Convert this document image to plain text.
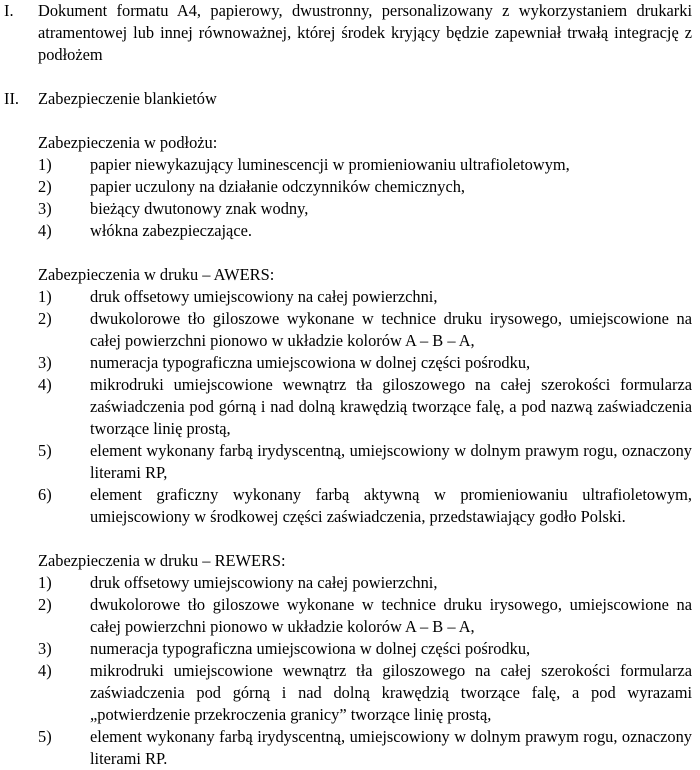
I. Dokument formatu A4, papierowy, dwustronny, personalizowany z wykorzystaniem drukarki atramentowej lub innej równoważnej, której środek kryjący będzie zapewniał trwałą integrację z podłożem
II. Zabezpieczenie blankietów
Zabezpieczenia w podłożu:
1) papier niewykazujący luminescencji w promieniowaniu ultrafioletowym,
2) papier uczulony na działanie odczynników chemicznych,
3) bieżący dwutonowy znak wodny,
4) włókna zabezpieczające.
Zabezpieczenia w druku – AWERS:
1) druk offsetowy umiejscowiony na całej powierzchni,
2) dwukolorowe tło giloszowe wykonane w technice druku irysowego, umiejscowione na całej powierzchni pionowo w układzie kolorów A – B – A,
3) numeracja typograficzna umiejscowiona w dolnej części pośrodku,
4) mikrodruki umiejscowione wewnątrz tła giloszowego na całej szerokości formularza zaświadczenia pod górną i nad dolną krawędzią tworzące falę, a pod nazwą zaświadczenia tworzące linię prostą,
5) element wykonany farbą irydyscentną, umiejscowiony w dolnym prawym rogu, oznaczony literami RP,
6) element graficzny wykonany farbą aktywną w promieniowaniu ultrafioletowym, umiejscowiony w środkowej części zaświadczenia, przedstawiający godło Polski.
Zabezpieczenia w druku – REWERS:
1) druk offsetowy umiejscowiony na całej powierzchni,
2) dwukolorowe tło giloszowe wykonane w technice druku irysowego, umiejscowione na całej powierzchni pionowo w układzie kolorów A – B – A,
3) numeracja typograficzna umiejscowiona w dolnej części pośrodku,
4) mikrodruki umiejscowione wewnątrz tła giloszowego na całej szerokości formularza zaświadczenia pod górną i nad dolną krawędzią tworzące falę, a pod wyrazami „potwierdzenie przekroczenia granicy” tworzące linię prostą,
5) element wykonany farbą irydyscentną, umiejscowiony w dolnym prawym rogu, oznaczony literami RP.
